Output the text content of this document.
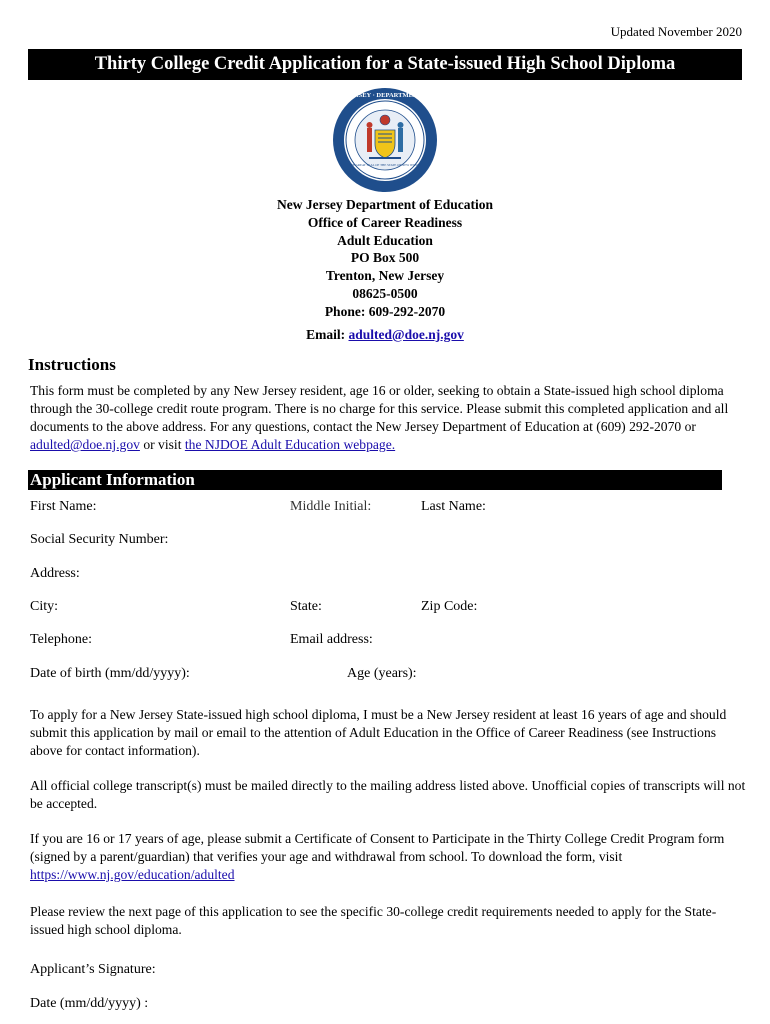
Updated November 2020
Thirty College Credit Application for a State-issued High School Diploma
STATE OF NEW JERSEY · DEPARTMENT OF EDUCATION
THE GREAT SEAL OF THE STATE OF NEW JERSEY
New Jersey Department of Education
Office of Career Readiness
Adult Education
PO Box 500
Trenton, New Jersey
08625-0500
Phone: 609-292-2070
Email: adulted@doe.nj.gov
Instructions
This form must be completed by any New Jersey resident, age 16 or older, seeking to obtain a State-issued high school diploma through the 30-college credit route program. There is no charge for this service. Please submit this completed application and all documents to the above address. For any questions, contact the New Jersey Department of Education at (609) 292-2070 or adulted@doe.nj.gov or visit the NJDOE Adult Education webpage.
Applicant Information
First Name:	Middle Initial:	Last Name:
Social Security Number:
Address:
City:	State:	Zip Code:
Telephone:	Email address:
Date of birth (mm/dd/yyyy):	Age (years):
To apply for a New Jersey State-issued high school diploma, I must be a New Jersey resident at least 16 years of age and should submit this application by mail or email to the attention of Adult Education in the Office of Career Readiness (see Instructions above for contact information).
All official college transcript(s) must be mailed directly to the mailing address listed above. Unofficial copies of transcripts will not be accepted.
If you are 16 or 17 years of age, please submit a Certificate of Consent to Participate in the Thirty College Credit Program form (signed by a parent/guardian) that verifies your age and withdrawal from school. To download the form, visit https://www.nj.gov/education/adulted
Please review the next page of this application to see the specific 30-college credit requirements needed to apply for the State-issued high school diploma.
Applicant’s Signature:
Date (mm/dd/yyyy) :
